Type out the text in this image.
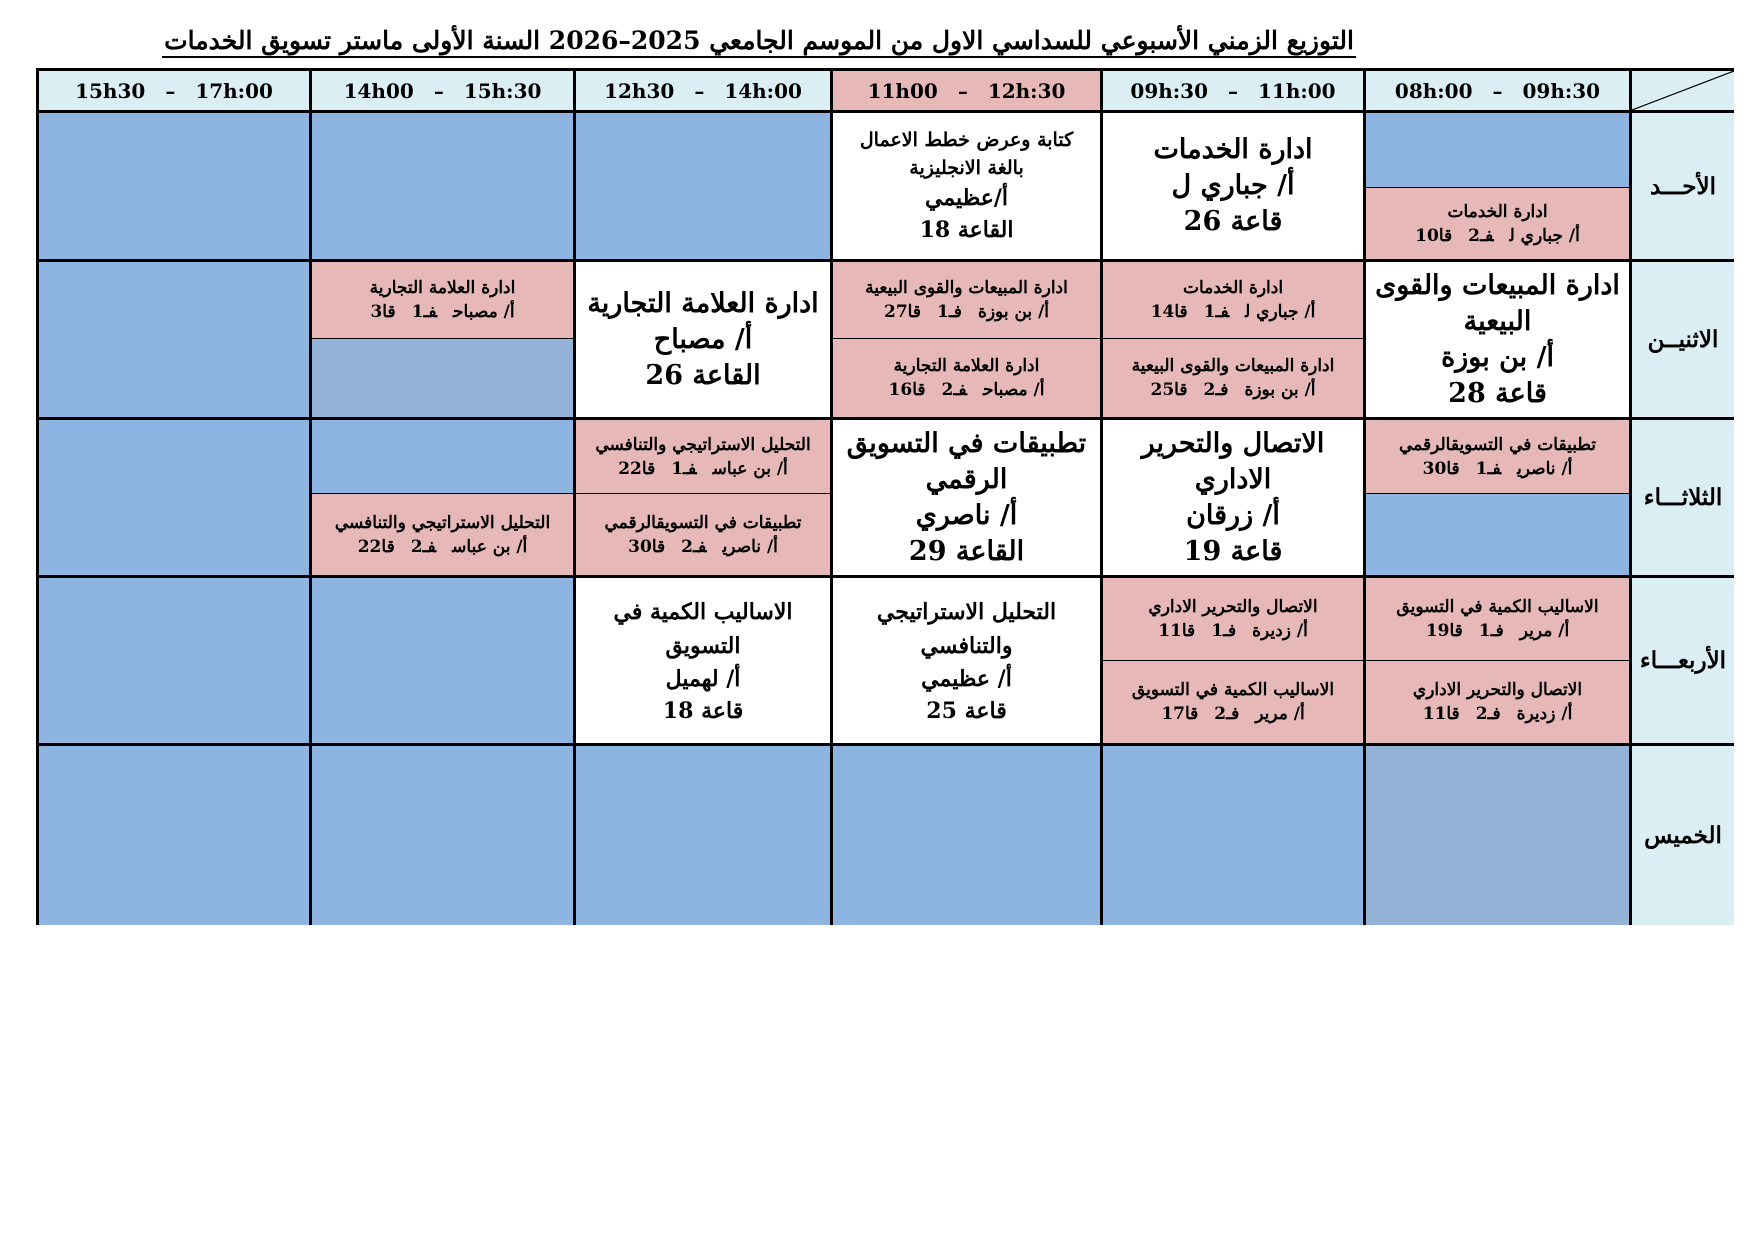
التوزيع الزمني الأسبوعي للسداسي الاول من الموسم الجامعي 2025–2026 السنة الأولى ماستر تسويق الخدمات
08h:00 – 09h:30
09h:30 – 11h:00
11h00 – 12h:30
12h30 – 14h:00
14h00 – 15h:30
15h30 – 17h:00
الأحـــد
الاثنيــن
الثلاثـــاء
الأربعـــاء
الخميس
ادارة الخدمات
أ/ جباري لفـ2قا10
ادارة الخدمات
أ/ جباري ل
قاعة 26
كتابة وعرض خطط الاعمال
بالغة الانجليزية
أ/عظيمي
القاعة 18
ادارة المبيعات والقوى البيعية
أ/ بن بوزة
قاعة 28
ادارة الخدمات
أ/ جباري لفـ1قا14
ادارة المبيعات والقوى البيعية
أ/ بن بوزةفـ2قا25
ادارة المبيعات والقوى البيعية
أ/ بن بوزةفـ1قا27
ادارة العلامة التجارية
أ/ مصباحفـ2قا16
ادارة العلامة التجارية
أ/ مصباح
القاعة 26
ادارة العلامة التجارية
أ/ مصباحفـ1قا3
تطبيقات في التسويقالرقمي
أ/ ناصريفـ1قا30
الاتصال والتحرير الاداري
أ/ زرقان
قاعة 19
تطبيقات في التسويق الرقمي
أ/ ناصري
القاعة 29
التحليل الاستراتيجي والتنافسي
أ/ بن عباسفـ1قا22
تطبيقات في التسويقالرقمي
أ/ ناصريفـ2قا30
التحليل الاستراتيجي والتنافسي
أ/ بن عباسفـ2قا22
الاساليب الكمية في التسويق
أ/ مريرفـ1قا19
الاتصال والتحرير الاداري
أ/ زديرةفـ2قا11
الاتصال والتحرير الاداري
أ/ زديرةفـ1قا11
الاساليب الكمية في التسويق
أ/ مريرفـ2قا17
التحليل الاستراتيجي والتنافسي
أ/ عظيمي
قاعة 25
الاساليب الكمية في التسويق
أ/ لهميل
قاعة 18
